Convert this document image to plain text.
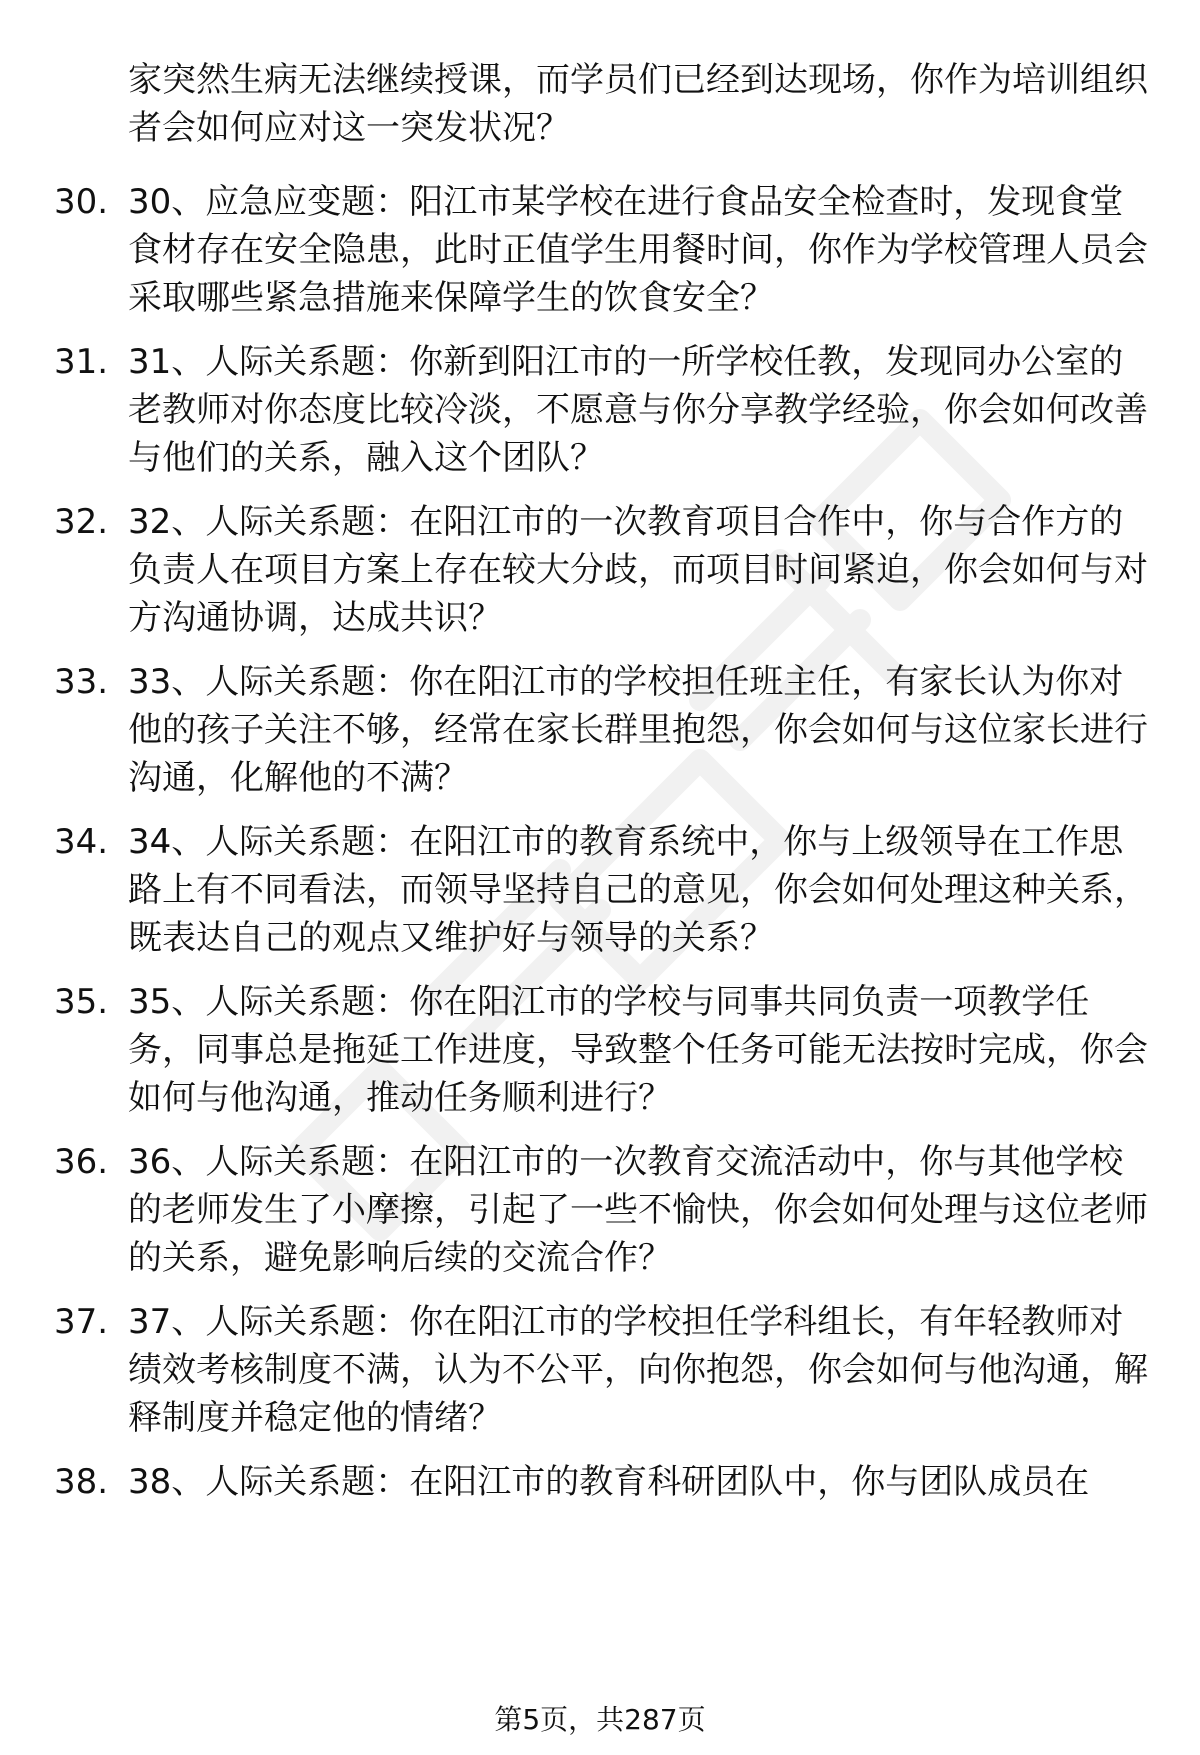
家突然生病无法继续授课，而学员们已经到达现场，你作为培训组织者会如何应对这一突发状况？

30. 30、应急应变题：阳江市某学校在进行食品安全检查时，发现食堂食材存在安全隐患，此时正值学生用餐时间，你作为学校管理人员会采取哪些紧急措施来保障学生的饮食安全？

31. 31、人际关系题：你新到阳江市的一所学校任教，发现同办公室的老教师对你态度比较冷淡，不愿意与你分享教学经验，你会如何改善与他们的关系，融入这个团队？

32. 32、人际关系题：在阳江市的一次教育项目合作中，你与合作方的负责人在项目方案上存在较大分歧，而项目时间紧迫，你会如何与对方沟通协调，达成共识？

33. 33、人际关系题：你在阳江市的学校担任班主任，有家长认为你对他的孩子关注不够，经常在家长群里抱怨，你会如何与这位家长进行沟通，化解他的不满？

34. 34、人际关系题：在阳江市的教育系统中，你与上级领导在工作思路上有不同看法，而领导坚持自己的意见，你会如何处理这种关系，既表达自己的观点又维护好与领导的关系？

35. 35、人际关系题：你在阳江市的学校与同事共同负责一项教学任务，同事总是拖延工作进度，导致整个任务可能无法按时完成，你会如何与他沟通，推动任务顺利进行？

36. 36、人际关系题：在阳江市的一次教育交流活动中，你与其他学校的老师发生了小摩擦，引起了一些不愉快，你会如何处理与这位老师的关系，避免影响后续的交流合作？

37. 37、人际关系题：你在阳江市的学校担任学科组长，有年轻教师对绩效考核制度不满，认为不公平，向你抱怨，你会如何与他沟通，解释制度并稳定他的情绪？

38. 38、人际关系题：在阳江市的教育科研团队中，你与团队成员在

第5页，共287页
